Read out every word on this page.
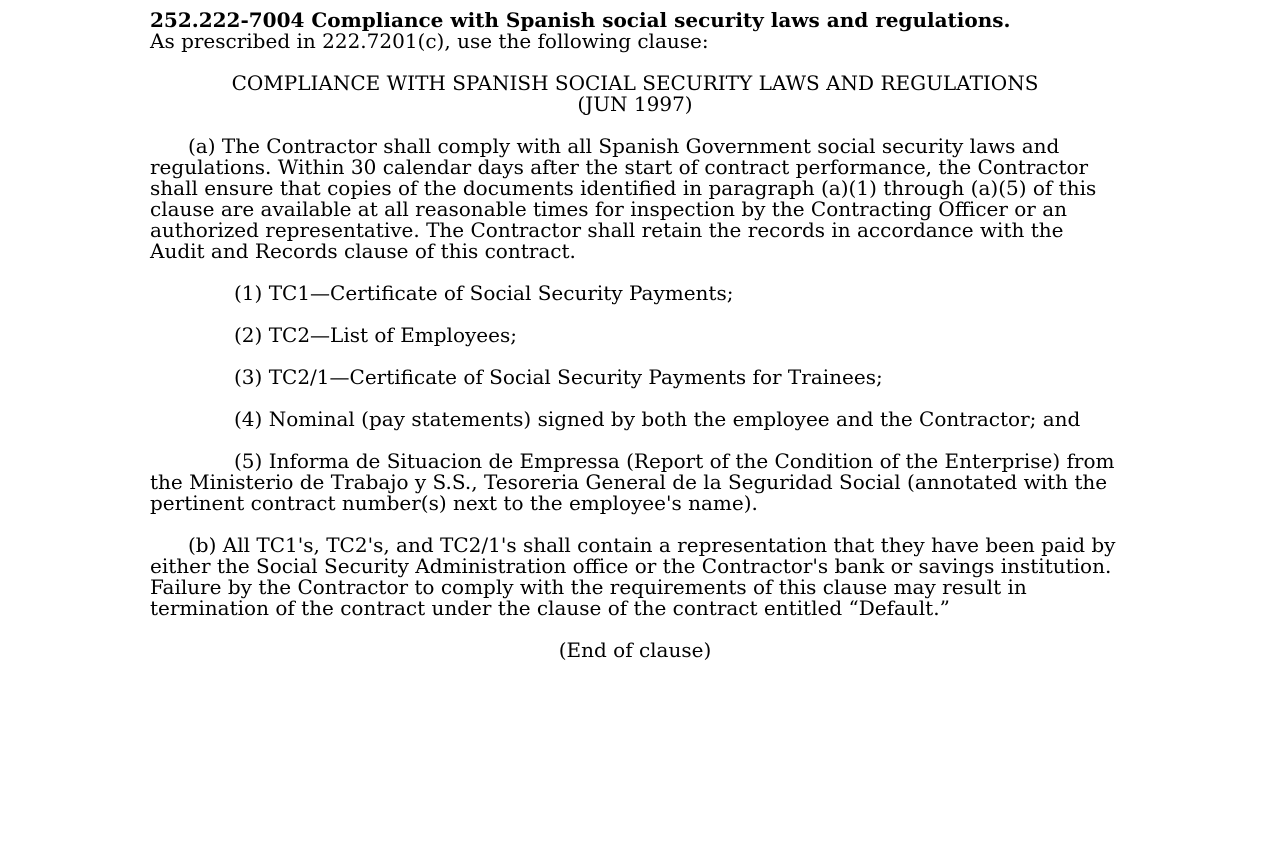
252.222-7004 Compliance with Spanish social security laws and regulations.

As prescribed in 222.7201(c), use the following clause:

COMPLIANCE WITH SPANISH SOCIAL SECURITY LAWS AND REGULATIONS
(JUN 1997)

(a) The Contractor shall comply with all Spanish Government social security laws and regulations. Within 30 calendar days after the start of contract performance, the Contractor shall ensure that copies of the documents identified in paragraph (a)(1) through (a)(5) of this clause are available at all reasonable times for inspection by the Contracting Officer or an authorized representative. The Contractor shall retain the records in accordance with the Audit and Records clause of this contract.

(1) TC1—Certificate of Social Security Payments;

(2) TC2—List of Employees;

(3) TC2/1—Certificate of Social Security Payments for Trainees;

(4) Nominal (pay statements) signed by both the employee and the Contractor; and

(5) Informa de Situacion de Empressa (Report of the Condition of the Enterprise) from the Ministerio de Trabajo y S.S., Tesoreria General de la Seguridad Social (annotated with the pertinent contract number(s) next to the employee's name).

(b) All TC1's, TC2's, and TC2/1's shall contain a representation that they have been paid by either the Social Security Administration office or the Contractor's bank or savings institution. Failure by the Contractor to comply with the requirements of this clause may result in termination of the contract under the clause of the contract entitled “Default.”

(End of clause)
